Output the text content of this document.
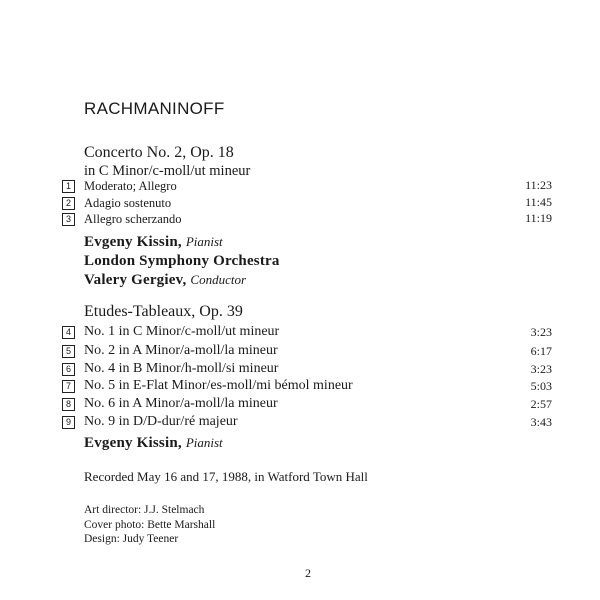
RACHMANINOFF
Concerto No. 2, Op. 18
in C Minor/c-moll/ut mineur
1	Moderato; Allegro	11:23
2	Adagio sostenuto	11:45
3	Allegro scherzando	11:19
Evgeny Kissin, Pianist
London Symphony Orchestra
Valery Gergiev, Conductor
Etudes-Tableaux, Op. 39
4 No. 1 in C Minor/c-moll/ut mineur	3:23
5 No. 2 in A Minor/a-moll/la mineur	6:17
6 No. 4 in B Minor/h-moll/si mineur	3:23
7 No. 5 in E-Flat Minor/es-moll/mi bémol mineur	5:03
8 No. 6 in A Minor/a-moll/la mineur	2:57
9 No. 9 in D/D-dur/ré majeur	3:43
Evgeny Kissin, Pianist
Recorded May 16 and 17, 1988, in Watford Town Hall
Art director: J.J. Stelmach
Cover photo: Bette Marshall
Design: Judy Teener
2
